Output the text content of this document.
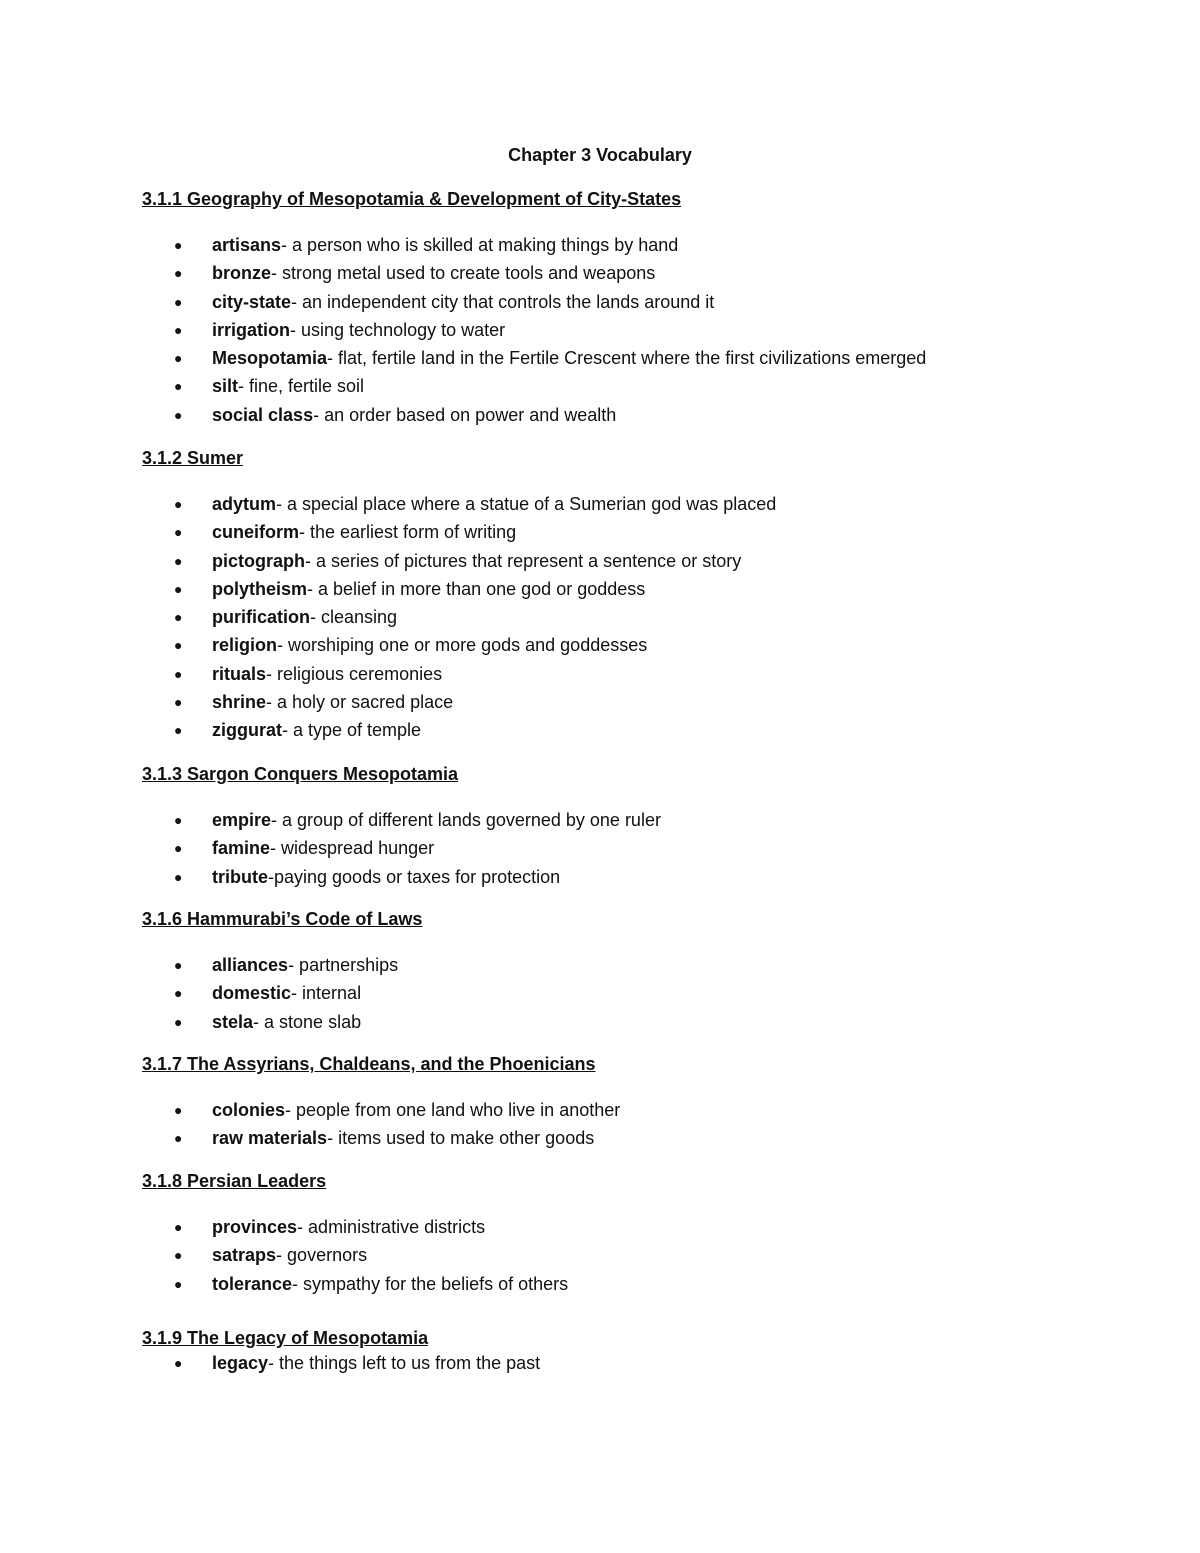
Chapter 3 Vocabulary
3.1.1 Geography of Mesopotamia & Development of City-States
● artisans- a person who is skilled at making things by hand
● bronze- strong metal used to create tools and weapons
● city-state- an independent city that controls the lands around it
● irrigation- using technology to water
● Mesopotamia- flat, fertile land in the Fertile Crescent where the first civilizations emerged
● silt- fine, fertile soil
● social class- an order based on power and wealth
3.1.2 Sumer
● adytum- a special place where a statue of a Sumerian god was placed
● cuneiform- the earliest form of writing
● pictograph- a series of pictures that represent a sentence or story
● polytheism- a belief in more than one god or goddess
● purification- cleansing
● religion- worshiping one or more gods and goddesses
● rituals- religious ceremonies
● shrine- a holy or sacred place
● ziggurat- a type of temple
3.1.3 Sargon Conquers Mesopotamia
● empire- a group of different lands governed by one ruler
● famine- widespread hunger
● tribute-paying goods or taxes for protection
3.1.6 Hammurabi’s Code of Laws
● alliances- partnerships
● domestic- internal
● stela- a stone slab
3.1.7 The Assyrians, Chaldeans, and the Phoenicians
● colonies- people from one land who live in another
● raw materials- items used to make other goods
3.1.8 Persian Leaders
● provinces- administrative districts
● satraps- governors
● tolerance- sympathy for the beliefs of others
3.1.9 The Legacy of Mesopotamia
● legacy- the things left to us from the past
